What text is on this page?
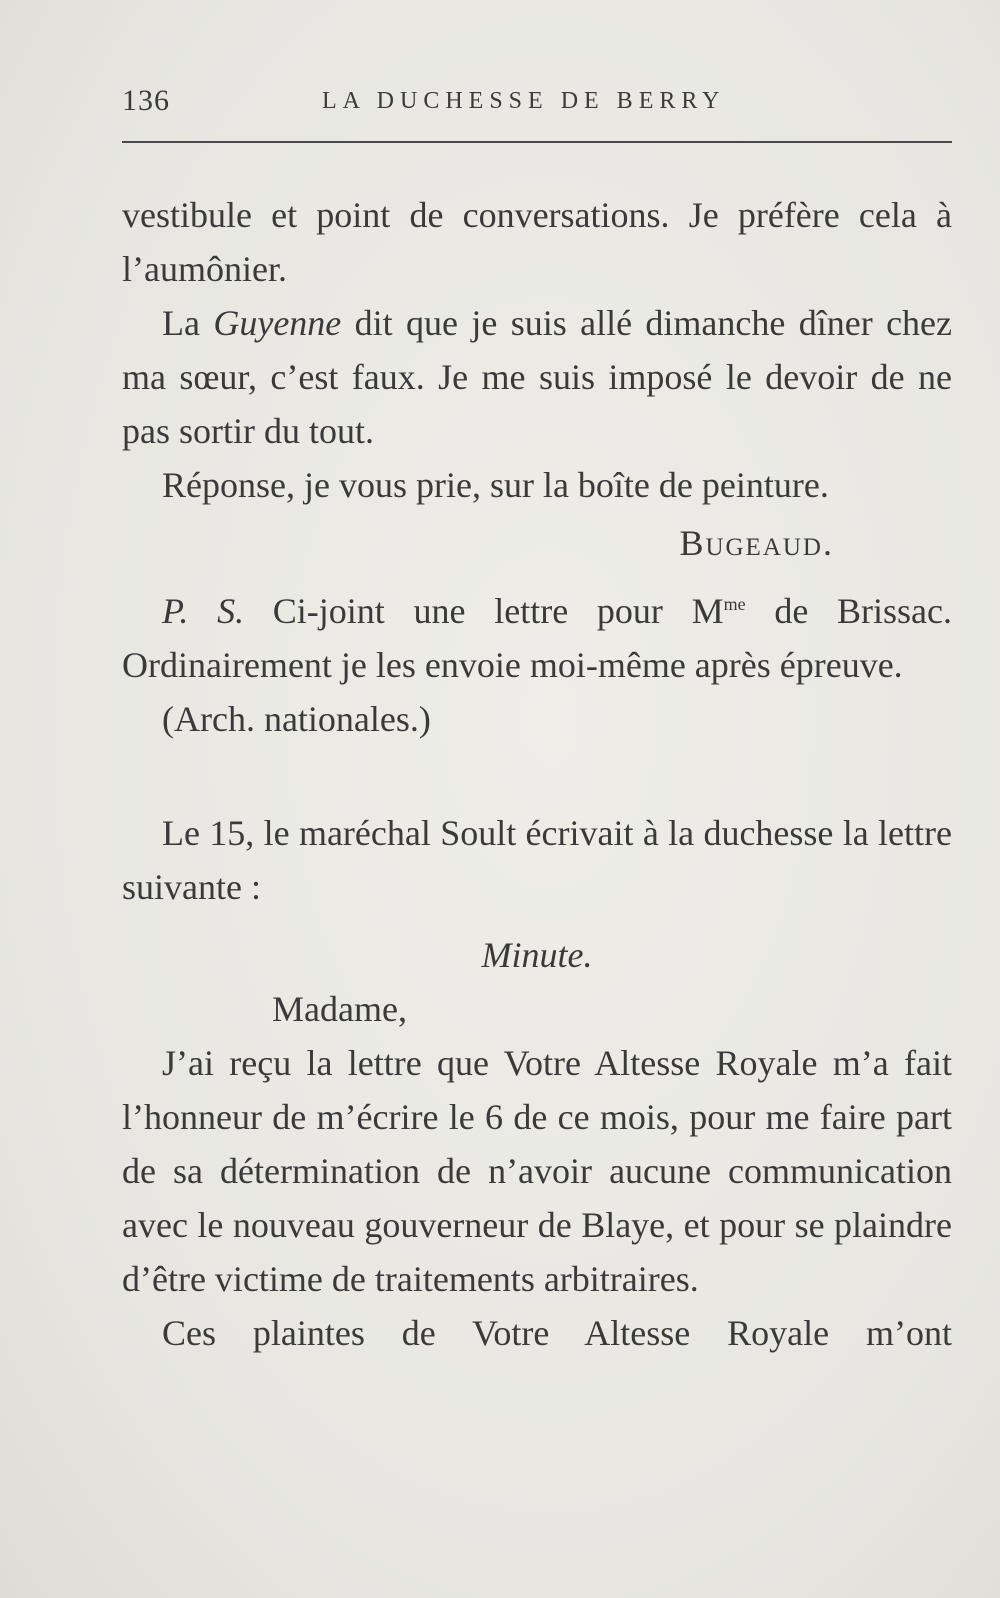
136	LA DUCHESSE DE BERRY

vestibule et point de conversations. Je préfère cela à l’aumônier.

La Guyenne dit que je suis allé dimanche dîner chez ma sœur, c’est faux. Je me suis imposé le devoir de ne pas sortir du tout.

Réponse, je vous prie, sur la boîte de peinture.

Bugeaud.

P. S. Ci-joint une lettre pour $M^{me}$ de Brissac. Ordinairement je les envoie moi-même après épreuve.

(Arch. nationales.)

Le 15, le maréchal Soult écrivait à la duchesse la lettre suivante :

Minute.

Madame,

J’ai reçu la lettre que Votre Altesse Royale m’a fait l’honneur de m’écrire le 6 de ce mois, pour me faire part de sa détermination de n’avoir aucune communication avec le nouveau gouverneur de Blaye, et pour se plaindre d’être victime de traitements arbitraires.

Ces plaintes de Votre Altesse Royale m’ont
